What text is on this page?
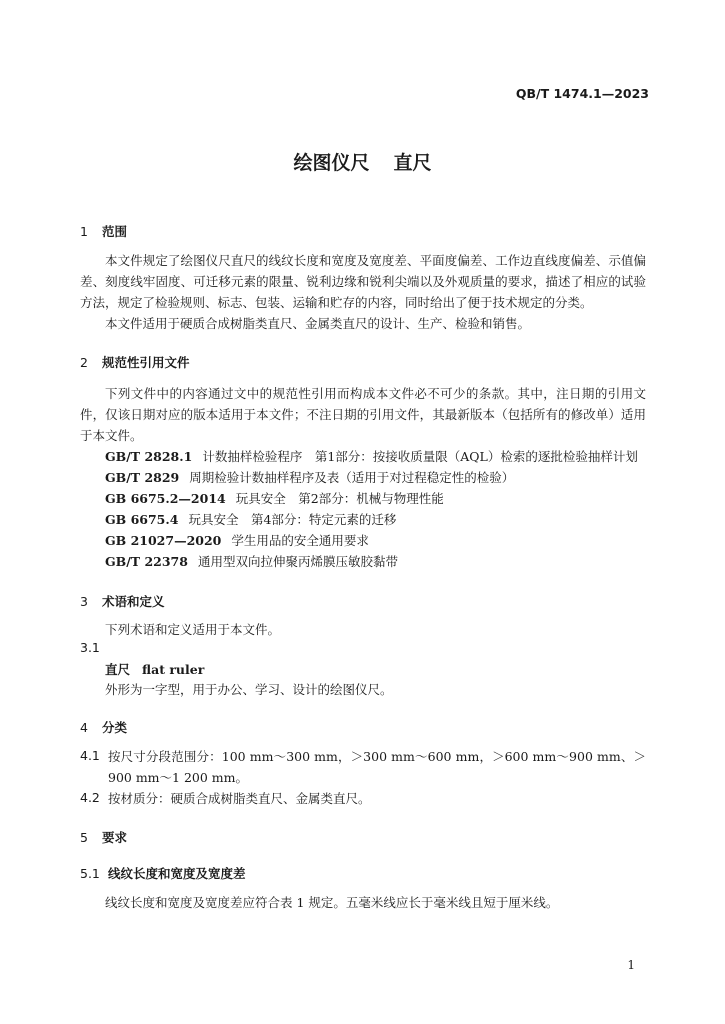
QB/T 1474.1—2023
绘图仪尺 直尺
1 范围

本文件规定了绘图仪尺直尺的线纹长度和宽度及宽度差、平面度偏差、工作边直线度偏差、示值偏差、刻度线牢固度、可迁移元素的限量、锐利边缘和锐利尖端以及外观质量的要求，描述了相应的试验方法，规定了检验规则、标志、包装、运输和贮存的内容，同时给出了便于技术规定的分类。

本文件适用于硬质合成树脂类直尺、金属类直尺的设计、生产、检验和销售。

2 规范性引用文件

下列文件中的内容通过文中的规范性引用而构成本文件必不可少的条款。其中，注日期的引用文件，仅该日期对应的版本适用于本文件；不注日期的引用文件，其最新版本（包括所有的修改单）适用于本文件。

GB/T 2828.1 计数抽样检验程序　第1部分：按接收质量限（AQL）检索的逐批检验抽样计划
GB/T 2829 周期检验计数抽样程序及表（适用于对过程稳定性的检验）
GB 6675.2—2014 玩具安全　第2部分：机械与物理性能
GB 6675.4 玩具安全　第4部分：特定元素的迁移
GB 21027—2020 学生用品的安全通用要求
GB/T 22378 通用型双向拉伸聚丙烯膜压敏胶黏带
3 术语和定义
下列术语和定义适用于本文件。
3.1
直尺 flat ruler
外形为一字型，用于办公、学习、设计的绘图仪尺。
4 分类
4.1 按尺寸分段范围分：100 mm～300 mm，＞300 mm～600 mm，＞600 mm～900 mm、＞900 mm～1 200 mm。

4.2 按材质分：硬质合成树脂类直尺、金属类直尺。
5 要求
5.1 线纹长度和宽度及宽度差
线纹长度和宽度及宽度差应符合表 1 规定。五毫米线应长于毫米线且短于厘米线。
1
